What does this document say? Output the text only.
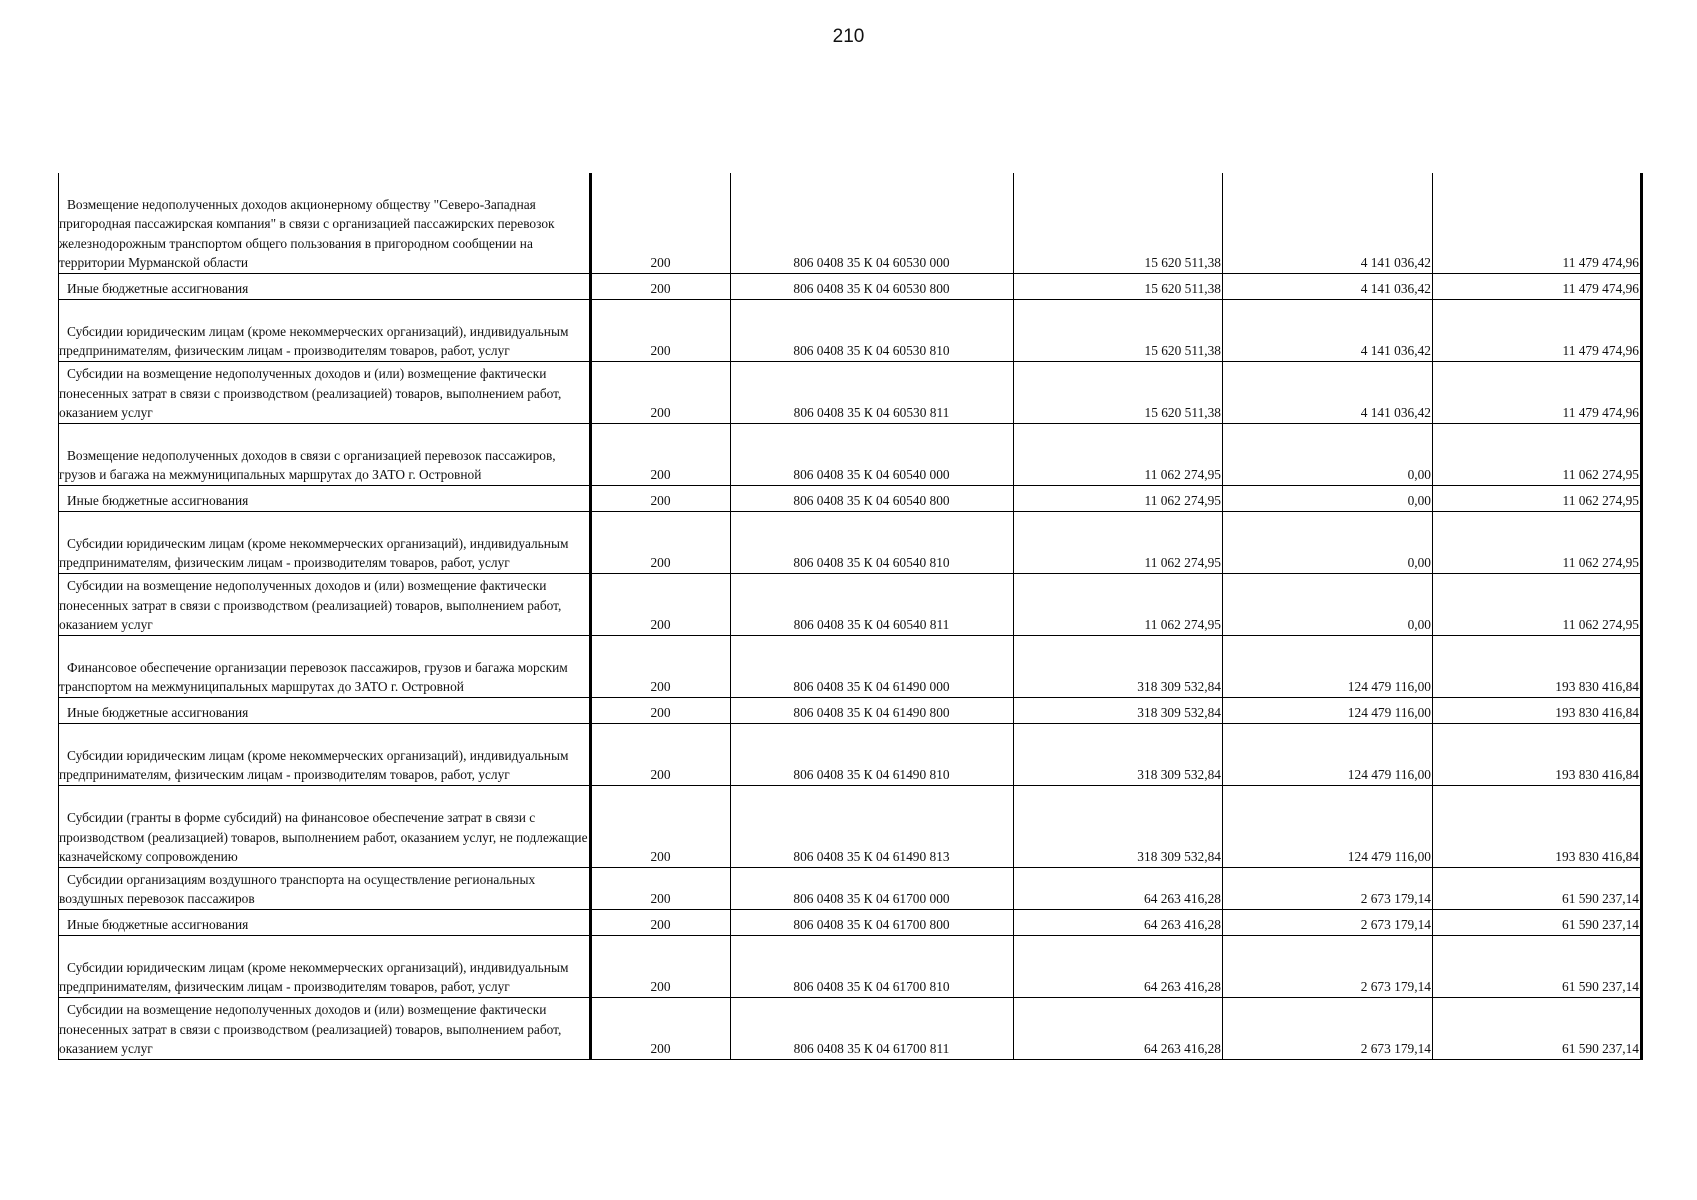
210
Возмещение недополученных доходов акционерному обществу "Северо-Западная пригородная пассажирская компания" в связи с организацией пассажирских перевозок железнодорожным транспортом общего пользования в пригородном сообщении на территории Мурманской области	200	806 0408 35 К 04 60530 000	15 620 511,38	4 141 036,42	11 479 474,96

Иные бюджетные ассигнования	200	806 0408 35 К 04 60530 800	15 620 511,38	4 141 036,42	11 479 474,96

Субсидии юридическим лицам (кроме некоммерческих организаций), индивидуальным предпринимателям, физическим лицам - производителям товаров, работ, услуг	200	806 0408 35 К 04 60530 810	15 620 511,38	4 141 036,42	11 479 474,96

Субсидии на возмещение недополученных доходов и (или) возмещение фактически понесенных затрат в связи с производством (реализацией) товаров, выполнением работ, оказанием услуг	200	806 0408 35 К 04 60530 811	15 620 511,38	4 141 036,42	11 479 474,96

Возмещение недополученных доходов в связи с организацией перевозок пассажиров, грузов и багажа на межмуниципальных маршрутах до ЗАТО г. Островной	200	806 0408 35 К 04 60540 000	11 062 274,95	0,00	11 062 274,95

Иные бюджетные ассигнования	200	806 0408 35 К 04 60540 800	11 062 274,95	0,00	11 062 274,95

Субсидии юридическим лицам (кроме некоммерческих организаций), индивидуальным предпринимателям, физическим лицам - производителям товаров, работ, услуг	200	806 0408 35 К 04 60540 810	11 062 274,95	0,00	11 062 274,95

Субсидии на возмещение недополученных доходов и (или) возмещение фактически понесенных затрат в связи с производством (реализацией) товаров, выполнением работ, оказанием услуг	200	806 0408 35 К 04 60540 811	11 062 274,95	0,00	11 062 274,95

Финансовое обеспечение организации перевозок пассажиров, грузов и багажа морским транспортом на межмуниципальных маршрутах до ЗАТО г. Островной	200	806 0408 35 К 04 61490 000	318 309 532,84	124 479 116,00	193 830 416,84

Иные бюджетные ассигнования	200	806 0408 35 К 04 61490 800	318 309 532,84	124 479 116,00	193 830 416,84

Субсидии юридическим лицам (кроме некоммерческих организаций), индивидуальным предпринимателям, физическим лицам - производителям товаров, работ, услуг	200	806 0408 35 К 04 61490 810	318 309 532,84	124 479 116,00	193 830 416,84

Субсидии (гранты в форме субсидий) на финансовое обеспечение затрат в связи с производством (реализацией) товаров, выполнением работ, оказанием услуг, не подлежащие казначейскому сопровождению	200	806 0408 35 К 04 61490 813	318 309 532,84	124 479 116,00	193 830 416,84

Субсидии организациям воздушного транспорта на осуществление региональных воздушных перевозок пассажиров	200	806 0408 35 К 04 61700 000	64 263 416,28	2 673 179,14	61 590 237,14

Иные бюджетные ассигнования	200	806 0408 35 К 04 61700 800	64 263 416,28	2 673 179,14	61 590 237,14

Субсидии юридическим лицам (кроме некоммерческих организаций), индивидуальным предпринимателям, физическим лицам - производителям товаров, работ, услуг	200	806 0408 35 К 04 61700 810	64 263 416,28	2 673 179,14	61 590 237,14

Субсидии на возмещение недополученных доходов и (или) возмещение фактически понесенных затрат в связи с производством (реализацией) товаров, выполнением работ, оказанием услуг	200	806 0408 35 К 04 61700 811	64 263 416,28	2 673 179,14	61 590 237,14
